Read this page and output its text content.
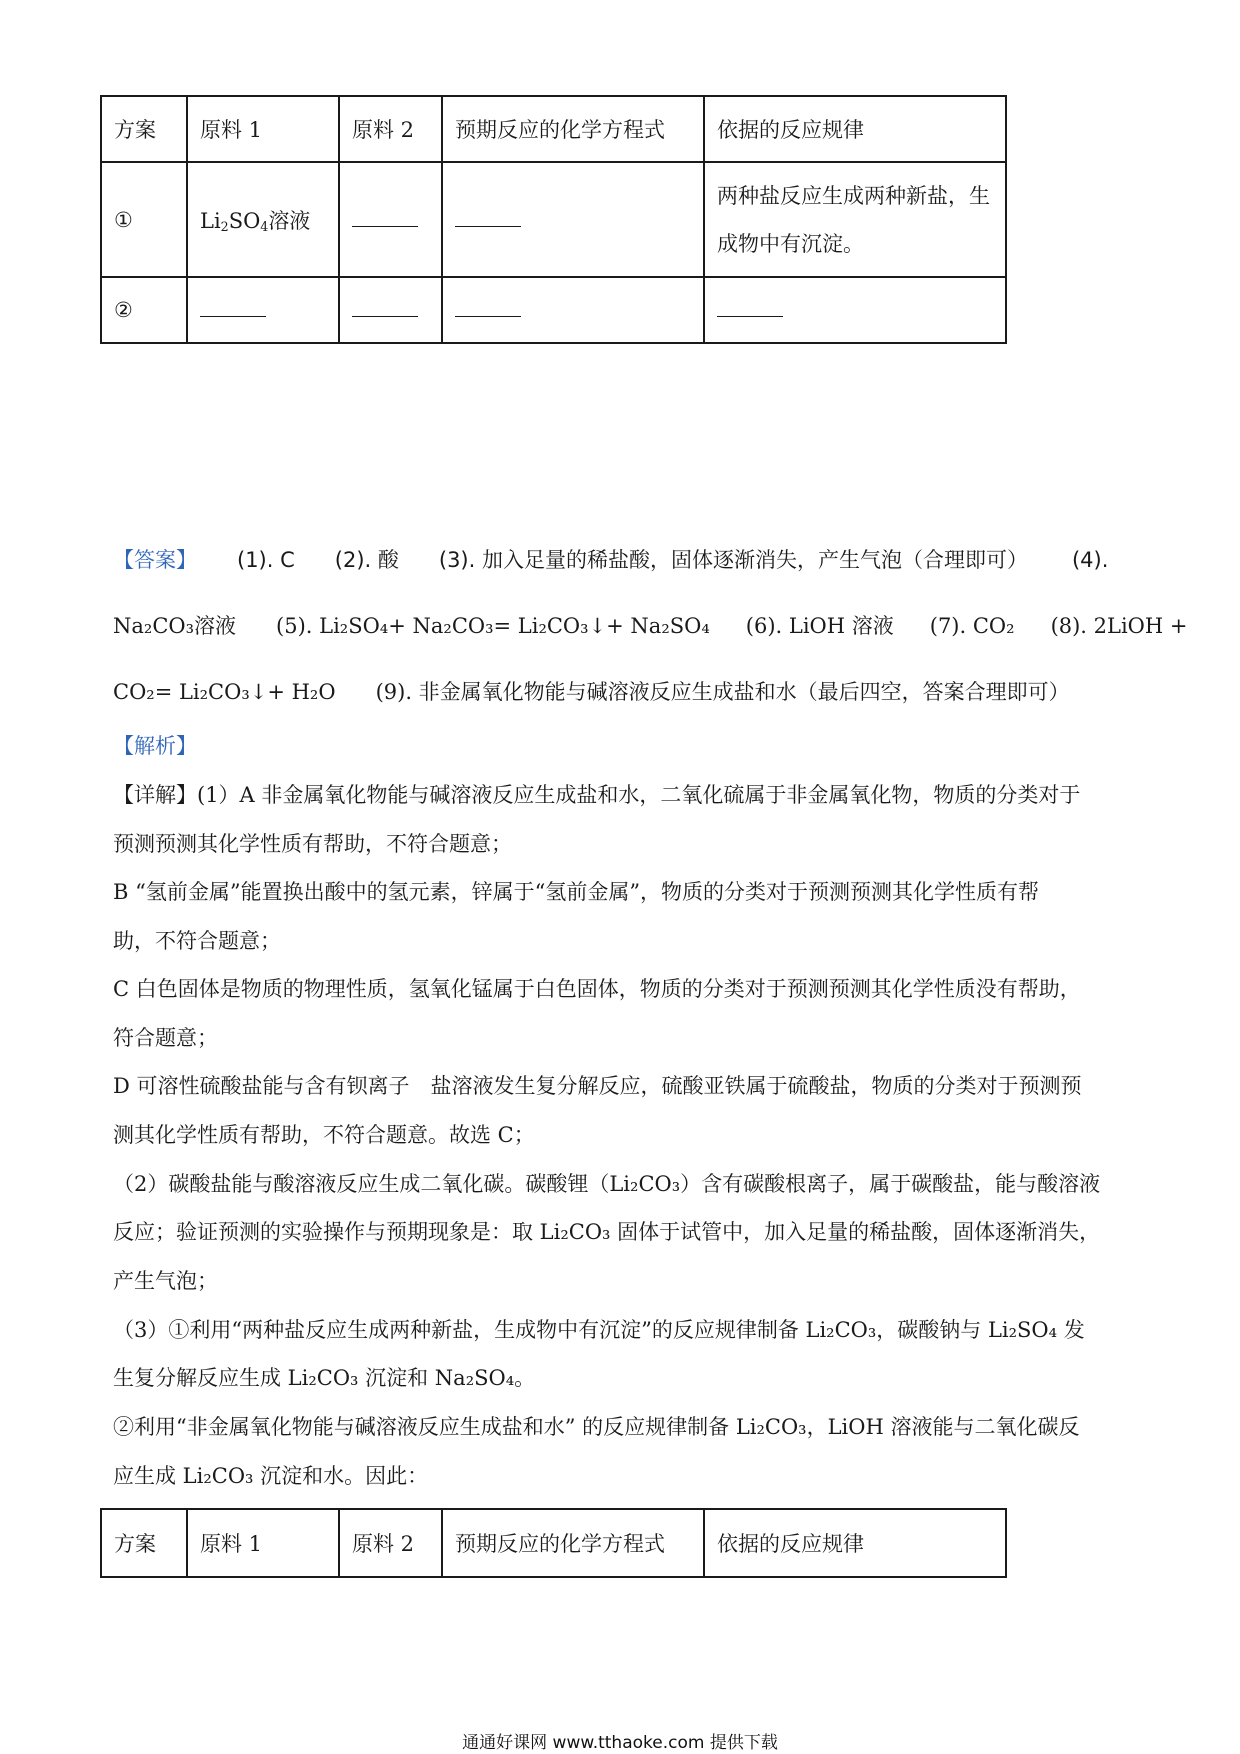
方案	原料 1	原料 2	预期反应的化学方程式	依据的反应规律
①	$Li_2SO_4$溶液			两种盐反应生成两种新盐，生
成物中有沉淀。
②				
【答案】 (1). C (2). 酸 (3). 加入足量的稀盐酸，固体逐渐消失，产生气泡（合理即可） (4).
Na₂CO₃溶液 (5). Li₂SO₄+ Na₂CO₃= Li₂CO₃↓+ Na₂SO₄ (6). LiOH 溶液 (7). CO₂ (8). 2LiOH +
CO₂= Li₂CO₃↓+ H₂O (9). 非金属氧化物能与碱溶液反应生成盐和水（最后四空，答案合理即可）
【解析】
【详解】(1）A 非金属氧化物能与碱溶液反应生成盐和水，二氧化硫属于非金属氧化物，物质的分类对于
预测预测其化学性质有帮助，不符合题意；
B “氢前金属”能置换出酸中的氢元素，锌属于“氢前金属”，物质的分类对于预测预测其化学性质有帮
助，不符合题意；
C 白色固体是物质的物理性质，氢氧化锰属于白色固体，物质的分类对于预测预测其化学性质没有帮助，
符合题意；
D 可溶性硫酸盐能与含有钡离子　盐溶液发生复分解反应，硫酸亚铁属于硫酸盐，物质的分类对于预测预
测其化学性质有帮助，不符合题意。故选 C；
（2）碳酸盐能与酸溶液反应生成二氧化碳。碳酸锂（Li₂CO₃）含有碳酸根离子，属于碳酸盐，能与酸溶液
反应；验证预测的实验操作与预期现象是：取 Li₂CO₃ 固体于试管中，加入足量的稀盐酸，固体逐渐消失，
产生气泡；
（3）①利用“两种盐反应生成两种新盐，生成物中有沉淀”的反应规律制备 Li₂CO₃，碳酸钠与 Li₂SO₄ 发
生复分解反应生成 Li₂CO₃ 沉淀和 Na₂SO₄。
②利用“非金属氧化物能与碱溶液反应生成盐和水” 的反应规律制备 Li₂CO₃，LiOH 溶液能与二氧化碳反
应生成 Li₂CO₃ 沉淀和水。因此：
方案	原料 1	原料 2	预期反应的化学方程式	依据的反应规律
通通好课网 www.tthaoke.com 提供下载
